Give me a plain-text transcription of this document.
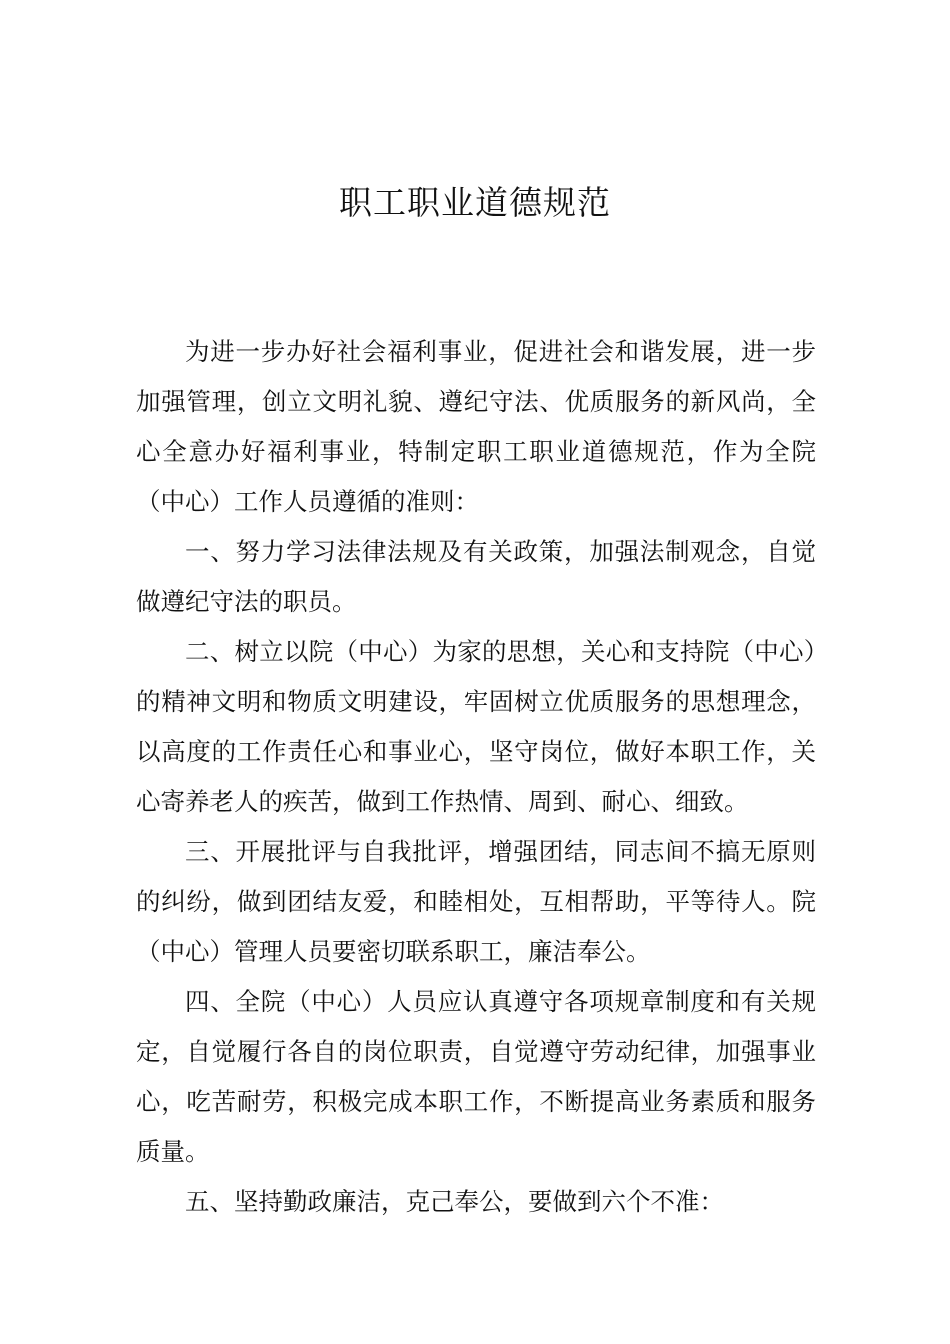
职工职业道德规范

为进一步办好社会福利事业，促进社会和谐发展，进一步加强管理，创立文明礼貌、遵纪守法、优质服务的新风尚，全心全意办好福利事业，特制定职工职业道德规范，作为全院（中心）工作人员遵循的准则：

一、努力学习法律法规及有关政策，加强法制观念，自觉做遵纪守法的职员。

二、树立以院（中心）为家的思想，关心和支持院（中心）的精神文明和物质文明建设，牢固树立优质服务的思想理念，以高度的工作责任心和事业心，坚守岗位，做好本职工作，关心寄养老人的疾苦，做到工作热情、周到、耐心、细致。

三、开展批评与自我批评，增强团结，同志间不搞无原则的纠纷，做到团结友爱，和睦相处，互相帮助，平等待人。院（中心）管理人员要密切联系职工，廉洁奉公。

四、全院（中心）人员应认真遵守各项规章制度和有关规定，自觉履行各自的岗位职责，自觉遵守劳动纪律，加强事业心，吃苦耐劳，积极完成本职工作，不断提高业务素质和服务质量。

五、坚持勤政廉洁，克己奉公，要做到六个不准：
